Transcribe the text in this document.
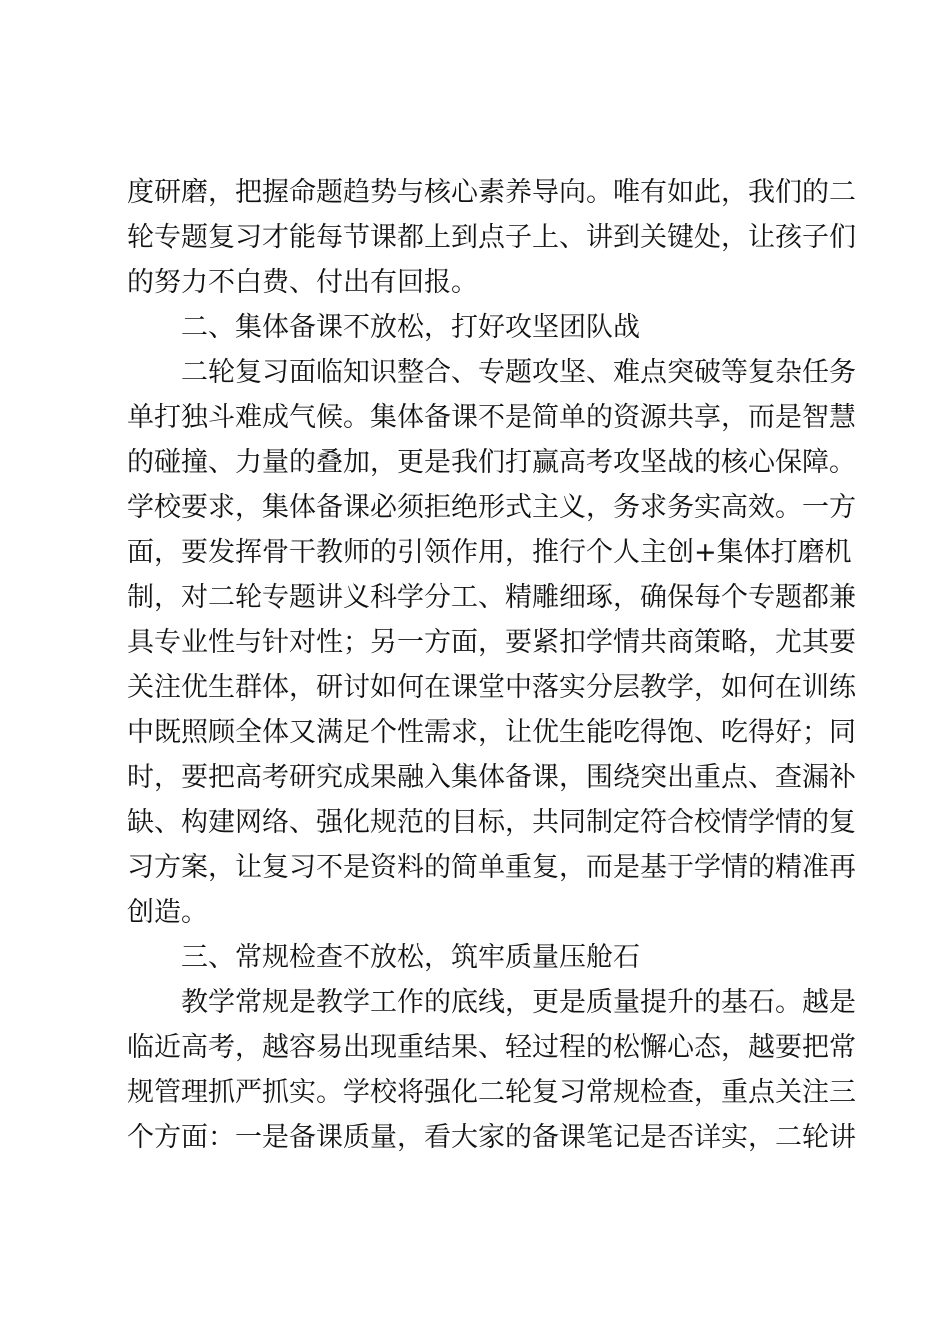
度研磨，把握命题趋势与核心素养导向。唯有如此，我们的二
轮专题复习才能每节课都上到点子上、讲到关键处，让孩子们
的努力不白费、付出有回报。
二、集体备课不放松，打好攻坚团队战
二轮复习面临知识整合、专题攻坚、难点突破等复杂任务
单打独斗难成气候。集体备课不是简单的资源共享，而是智慧
的碰撞、力量的叠加，更是我们打赢高考攻坚战的核心保障。
学校要求，集体备课必须拒绝形式主义，务求务实高效。一方
面，要发挥骨干教师的引领作用，推行个人主创+集体打磨机
制，对二轮专题讲义科学分工、精雕细琢，确保每个专题都兼
具专业性与针对性；另一方面，要紧扣学情共商策略，尤其要
关注优生群体，研讨如何在课堂中落实分层教学，如何在训练
中既照顾全体又满足个性需求，让优生能吃得饱、吃得好；同
时，要把高考研究成果融入集体备课，围绕突出重点、查漏补
缺、构建网络、强化规范的目标，共同制定符合校情学情的复
习方案，让复习不是资料的简单重复，而是基于学情的精准再
创造。
三、常规检查不放松，筑牢质量压舱石
教学常规是教学工作的底线，更是质量提升的基石。越是
临近高考，越容易出现重结果、轻过程的松懈心态，越要把常
规管理抓严抓实。学校将强化二轮复习常规检查，重点关注三
个方面：一是备课质量，看大家的备课笔记是否详实，二轮讲
